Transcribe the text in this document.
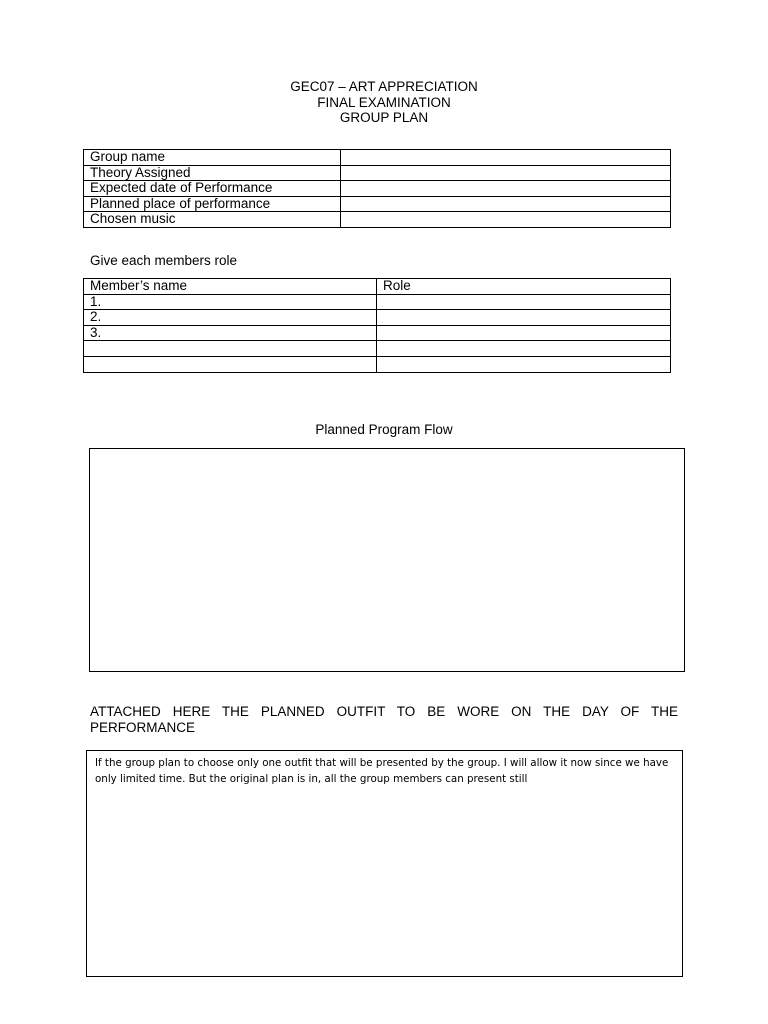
GEC07 – ART APPRECIATION
FINAL EXAMINATION
GROUP PLAN
Group name	
Theory Assigned	
Expected date of Performance	
Planned place of performance	
Chosen music	
Give each members role
Member’s name	Role
1.	
2.	
3.	

Planned Program Flow
ATTACHED HERE THE PLANNED OUTFIT TO BE WORE ON THE DAY OF THE PERFORMANCE

If the group plan to choose only one outfit that will be presented by the group. I will allow it now since we have only limited time. But the original plan is in, all the group members can present still
